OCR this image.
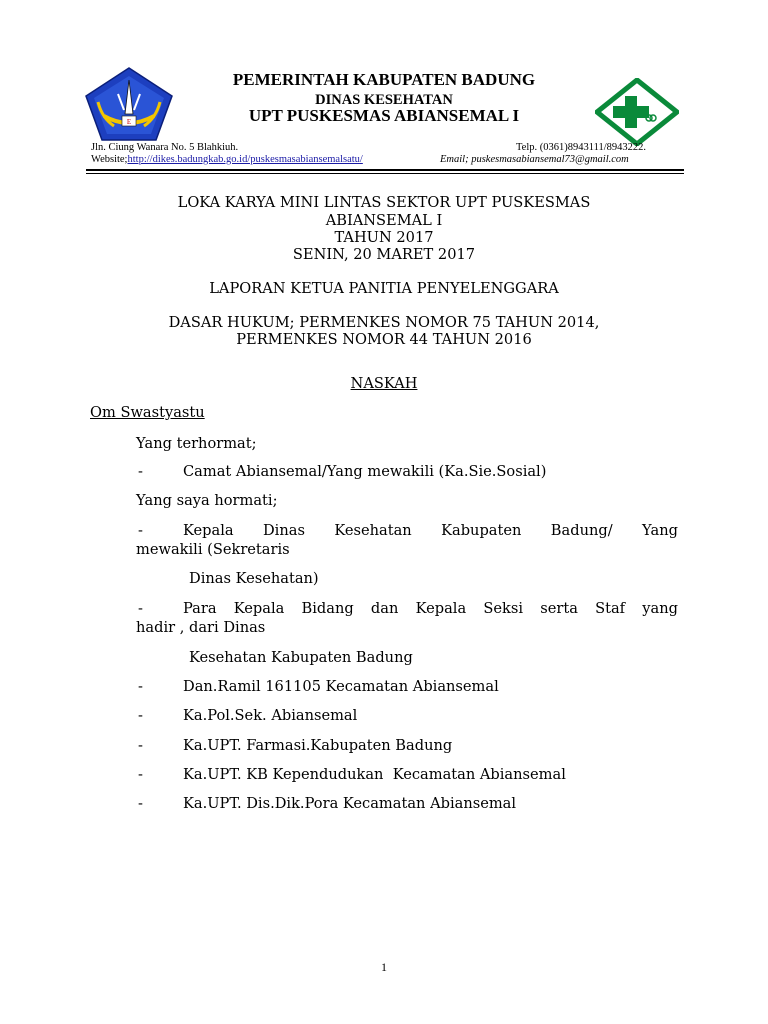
E
PEMERINTAH KABUPATEN BADUNG
DINAS KESEHATAN
UPT PUSKESMAS ABIANSEMAL I
Jln. Ciung Wanara No. 5 Blahkiuh.
Website;http://dikes.badungkab.go.id/puskesmasabiansemalsatu/
Telp. (0361)8943111/8943222.
Email; puskesmasabiansemal73@gmail.com
LOKA KARYA MINI LINTAS SEKTOR UPT PUSKESMAS
ABIANSEMAL I
TAHUN 2017
SENIN, 20 MARET 2017
LAPORAN KETUA PANITIA PENYELENGGARA
DASAR HUKUM; PERMENKES NOMOR 75 TAHUN 2014,
PERMENKES NOMOR 44 TAHUN 2016
NASKAH
Om Swastyastu
Yang terhormat;
-	Camat Abiansemal/Yang mewakili (Ka.Sie.Sosial)
Yang saya hormati;
-	Kepala Dinas Kesehatan Kabupaten Badung/ Yang
mewakili (Sekretaris
Dinas Kesehatan)
-	Para Kepala Bidang dan Kepala Seksi serta Staf yang
hadir , dari Dinas
Kesehatan Kabupaten Badung
-	Dan.Ramil 161105 Kecamatan Abiansemal
-	Ka.Pol.Sek. Abiansemal
-	Ka.UPT. Farmasi.Kabupaten Badung
-	Ka.UPT. KB Kependudukan  Kecamatan Abiansemal
-	Ka.UPT. Dis.Dik.Pora Kecamatan Abiansemal
1
